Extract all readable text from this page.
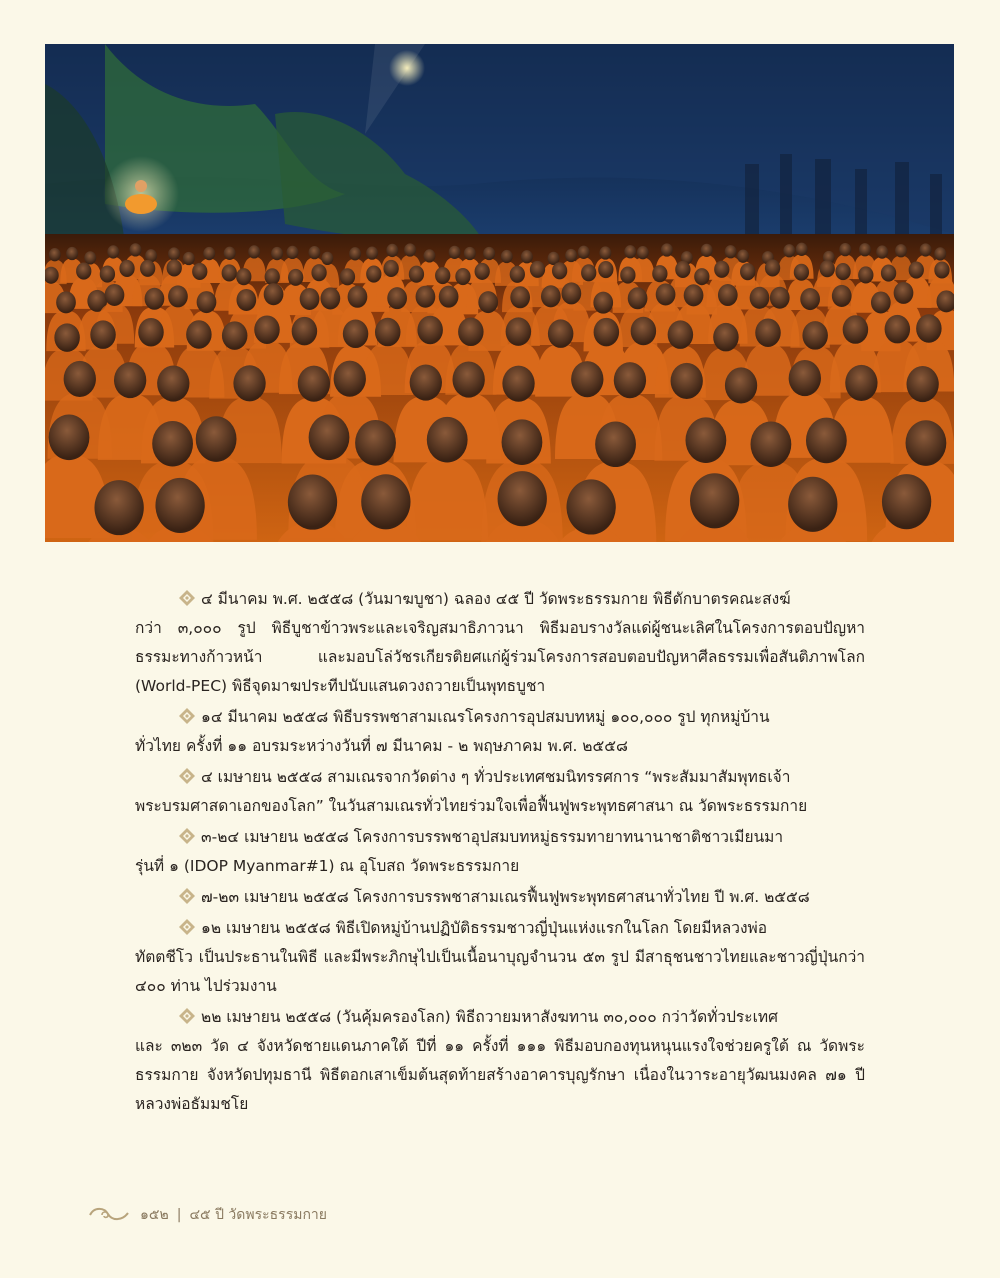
๔ มีนาคม พ.ศ. ๒๕๕๘ (วันมาฆบูชา) ฉลอง ๔๕ ปี วัดพระธรรมกาย พิธีตักบาตรคณะสงฆ์
กว่า ๓,๐๐๐ รูป พิธีบูชาข้าวพระและเจริญสมาธิภาวนา พิธีมอบรางวัลแด่ผู้ชนะเลิศในโครงการตอบปัญหาธรรมะทางก้าวหน้า และมอบโล่วัชรเกียรติยศแก่ผู้ร่วมโครงการสอบตอบปัญหาศีลธรรมเพื่อสันติภาพโลก (World-PEC) พิธีจุดมาฆประทีปนับแสนดวงถวายเป็นพุทธบูชา

๑๔ มีนาคม ๒๕๕๘ พิธีบรรพชาสามเณรโครงการอุปสมบทหมู่ ๑๐๐,๐๐๐ รูป ทุกหมู่บ้าน
ทั่วไทย ครั้งที่ ๑๑ อบรมระหว่างวันที่ ๗ มีนาคม - ๒ พฤษภาคม พ.ศ. ๒๕๕๘

๔ เมษายน ๒๕๕๘ สามเณรจากวัดต่าง ๆ ทั่วประเทศชมนิทรรศการ “พระสัมมาสัมพุทธเจ้า
พระบรมศาสดาเอกของโลก” ในวันสามเณรทั่วไทยร่วมใจเพื่อฟื้นฟูพระพุทธศาสนา ณ วัดพระธรรมกาย

๓-๒๔ เมษายน ๒๕๕๘ โครงการบรรพชาอุปสมบทหมู่ธรรมทายาทนานาชาติชาวเมียนมา
รุ่นที่ ๑ (IDOP Myanmar#1) ณ อุโบสถ วัดพระธรรมกาย

๗-๒๓ เมษายน ๒๕๕๘ โครงการบรรพชาสามเณรฟื้นฟูพระพุทธศาสนาทั่วไทย ปี พ.ศ. ๒๕๕๘

๑๒ เมษายน ๒๕๕๘ พิธีเปิดหมู่บ้านปฏิบัติธรรมชาวญี่ปุ่นแห่งแรกในโลก โดยมีหลวงพ่อ
ทัตตชีโว เป็นประธานในพิธี และมีพระภิกษุไปเป็นเนื้อนาบุญจำนวน ๕๓ รูป มีสาธุชนชาวไทยและชาวญี่ปุ่นกว่า ๔๐๐ ท่าน ไปร่วมงาน

๒๒ เมษายน ๒๕๕๘ (วันคุ้มครองโลก) พิธีถวายมหาสังฆทาน ๓๐,๐๐๐ กว่าวัดทั่วประเทศ
และ ๓๒๓ วัด ๔ จังหวัดชายแดนภาคใต้ ปีที่ ๑๑ ครั้งที่ ๑๑๑ พิธีมอบกองทุนหนุนแรงใจช่วยครูใต้ ณ วัดพระธรรมกาย จังหวัดปทุมธานี พิธีตอกเสาเข็มต้นสุดท้ายสร้างอาคารบุญรักษา เนื่องในวาระอายุวัฒนมงคล ๗๑ ปี หลวงพ่อธัมมชโย

๑๕๒ | ๔๕ ปี วัดพระธรรมกาย
